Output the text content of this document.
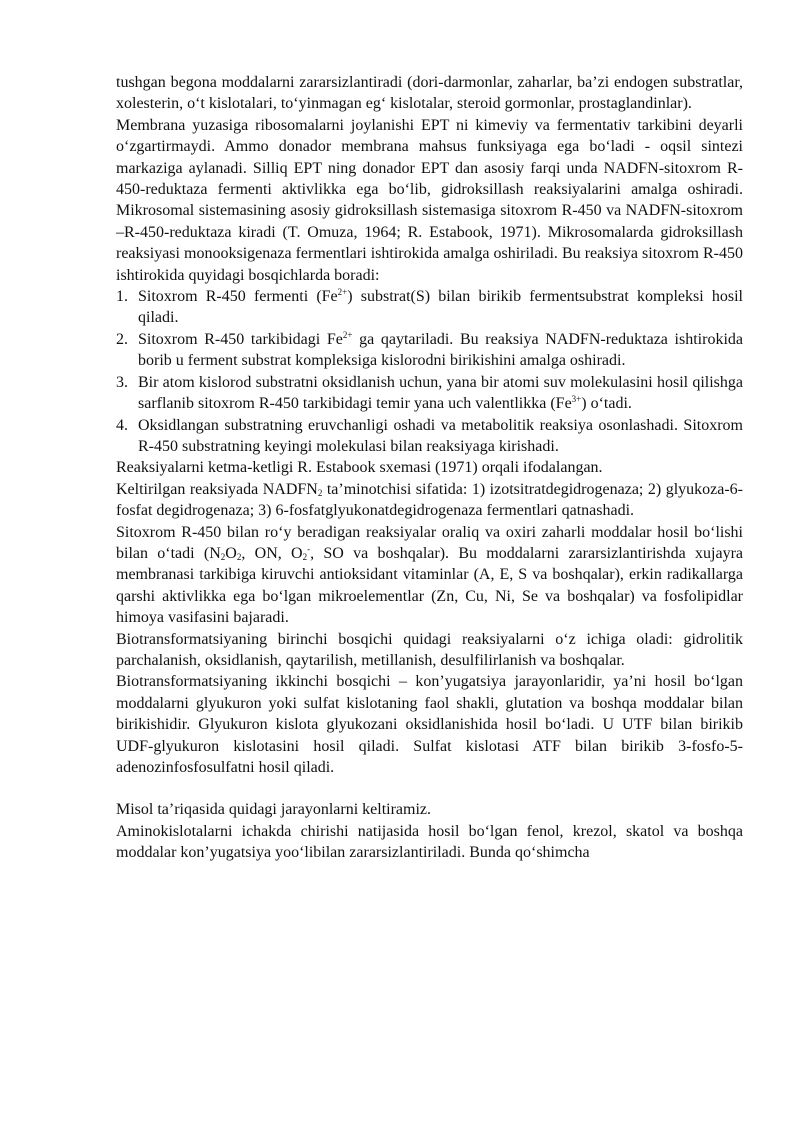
tushgan begona moddalarni zararsizlantiradi (dori-darmonlar, zaharlar, ba’zi endogen substratlar, xolesterin, o‘t kislotalari, to‘yinmagan eg‘ kislotalar, steroid gormonlar, prostaglandinlar).

Membrana yuzasiga ribosomalarni joylanishi EPT ni kimeviy va fermentativ tarkibini deyarli o‘zgartirmaydi. Ammo donador membrana mahsus funksiyaga ega bo‘ladi - oqsil sintezi markaziga aylanadi. Silliq EPT ning donador EPT dan asosiy farqi unda NADFN-sitoxrom R-450-reduktaza fermenti aktivlikka ega bo‘lib, gidroksillash reaksiyalarini amalga oshiradi. Mikrosomal sistemasining asosiy gidroksillash sistemasiga sitoxrom R-450 va NADFN-sitoxrom –R-450-reduktaza kiradi (T. Omuza, 1964; R. Estabook, 1971). Mikrosomalarda gidroksillash reaksiyasi monooksigenaza fermentlari ishtirokida amalga oshiriladi. Bu reaksiya sitoxrom R-450 ishtirokida quyidagi bosqichlarda boradi:

1. Sitoxrom R-450 fermenti $(Fe^{2+})$ substrat(S) bilan birikib fermentsubstrat kompleksi hosil qiladi.
2. Sitoxrom R-450 tarkibidagi $Fe^{2+}$ ga qaytariladi. Bu reaksiya NADFN-reduktaza ishtirokida borib u ferment substrat kompleksiga kislorodni birikishini amalga oshiradi.
3. Bir atom kislorod substratni oksidlanish uchun, yana bir atomi suv molekulasini hosil qilishga sarflanib sitoxrom R-450 tarkibidagi temir yana uch valentlikka $(Fe^{3+})$ o‘tadi.
4. Oksidlangan substratning eruvchanligi oshadi va metabolitik reaksiya osonlashadi. Sitoxrom R-450 substratning keyingi molekulasi bilan reaksiyaga kirishadi.

Reaksiyalarni ketma-ketligi R. Estabook sxemasi (1971) orqali ifodalangan.

Keltirilgan reaksiyada $NADFN_2$ ta’minotchisi sifatida: 1) izotsitratdegidrogenaza; 2) glyukoza-6-fosfat degidrogenaza; 3) 6-fosfatglyukonatdegidrogenaza fermentlari qatnashadi.

Sitoxrom R-450 bilan ro‘y beradigan reaksiyalar oraliq va oxiri zaharli moddalar hosil bo‘lishi bilan o‘tadi ($N_2O_2$, ON, $O_2^-$, SO va boshqalar). Bu moddalarni zararsizlantirishda xujayra membranasi tarkibiga kiruvchi antioksidant vitaminlar (A, E, S va boshqalar), erkin radikallarga qarshi aktivlikka ega bo‘lgan mikroelementlar (Zn, Cu, Ni, Se va boshqalar) va fosfolipidlar himoya vasifasini bajaradi.

Biotransformatsiyaning birinchi bosqichi quidagi reaksiyalarni o‘z ichiga oladi: gidrolitik parchalanish, oksidlanish, qaytarilish, metillanish, desulfilirlanish va boshqalar.

Biotransformatsiyaning ikkinchi bosqichi – kon’yugatsiya jarayonlaridir, ya’ni hosil bo‘lgan moddalarni glyukuron yoki sulfat kislotaning faol shakli, glutation va boshqa moddalar bilan birikishidir. Glyukuron kislota glyukozani oksidlanishida hosil bo‘ladi. U UTF bilan birikib UDF-glyukuron kislotasini hosil qiladi. Sulfat kislotasi ATF bilan birikib 3-fosfo-5-adenozinfosfosulfatni hosil qiladi.

Misol ta’riqasida quidagi jarayonlarni keltiramiz.

Aminokislotalarni ichakda chirishi natijasida hosil bo‘lgan fenol, krezol, skatol va boshqa moddalar kon’yugatsiya yoo‘libilan zararsizlantiriladi. Bunda qo‘shimcha
